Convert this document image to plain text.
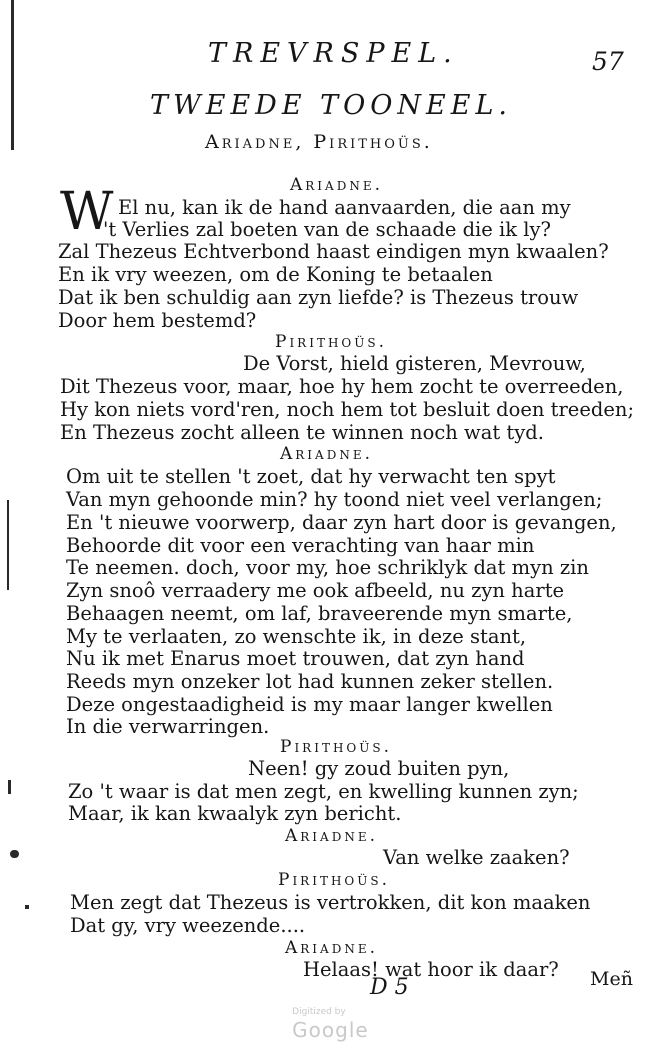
TREVRSPEL.	57
TWEEDE TOONEEL.
Ariadne, Pirithoüs.
W	Ariadne.
El nu, kan ik de hand aanvaarden, die aan my
't Verlies zal boeten van de schaade die ik ly?
Zal Thezeus Echtverbond haast eindigen myn kwaalen?
En ik vry weezen, om de Koning te betaalen
Dat ik ben schuldig aan zyn liefde? is Thezeus trouw
Door hem bestemd?
Pirithoüs.
De Vorst, hield gisteren, Mevrouw,
Dit Thezeus voor, maar, hoe hy hem zocht te overreeden,
Hy kon niets vord'ren, noch hem tot besluit doen treeden;
En Thezeus zocht alleen te winnen noch wat tyd.
Ariadne.
Om uit te stellen 't zoet, dat hy verwacht ten spyt
Van myn gehoonde min? hy toond niet veel verlangen;
En 't nieuwe voorwerp, daar zyn hart door is gevangen,
Behoorde dit voor een verachting van haar min
Te neemen. doch, voor my, hoe schriklyk dat myn zin
Zyn snoô verraadery me ook afbeeld, nu zyn harte
Behaagen neemt, om laf, braveerende myn smarte,
My te verlaaten, zo wenschte ik, in deze stant,
Nu ik met Enarus moet trouwen, dat zyn hand
Reeds myn onzeker lot had kunnen zeker stellen.
Deze ongestaadigheid is my maar langer kwellen
In die verwarringen.
Pirithoüs.
Neen! gy zoud buiten pyn,
Zo 't waar is dat men zegt, en kwelling kunnen zyn;
Maar, ik kan kwaalyk zyn bericht.
Ariadne.
Van welke zaaken?
Pirithoüs.
Men zegt dat Thezeus is vertrokken, dit kon maaken
Dat gy, vry weezende....
Ariadne.
Helaas! wat hoor ik daar? Meñ
D 5

Digitized by
Google
